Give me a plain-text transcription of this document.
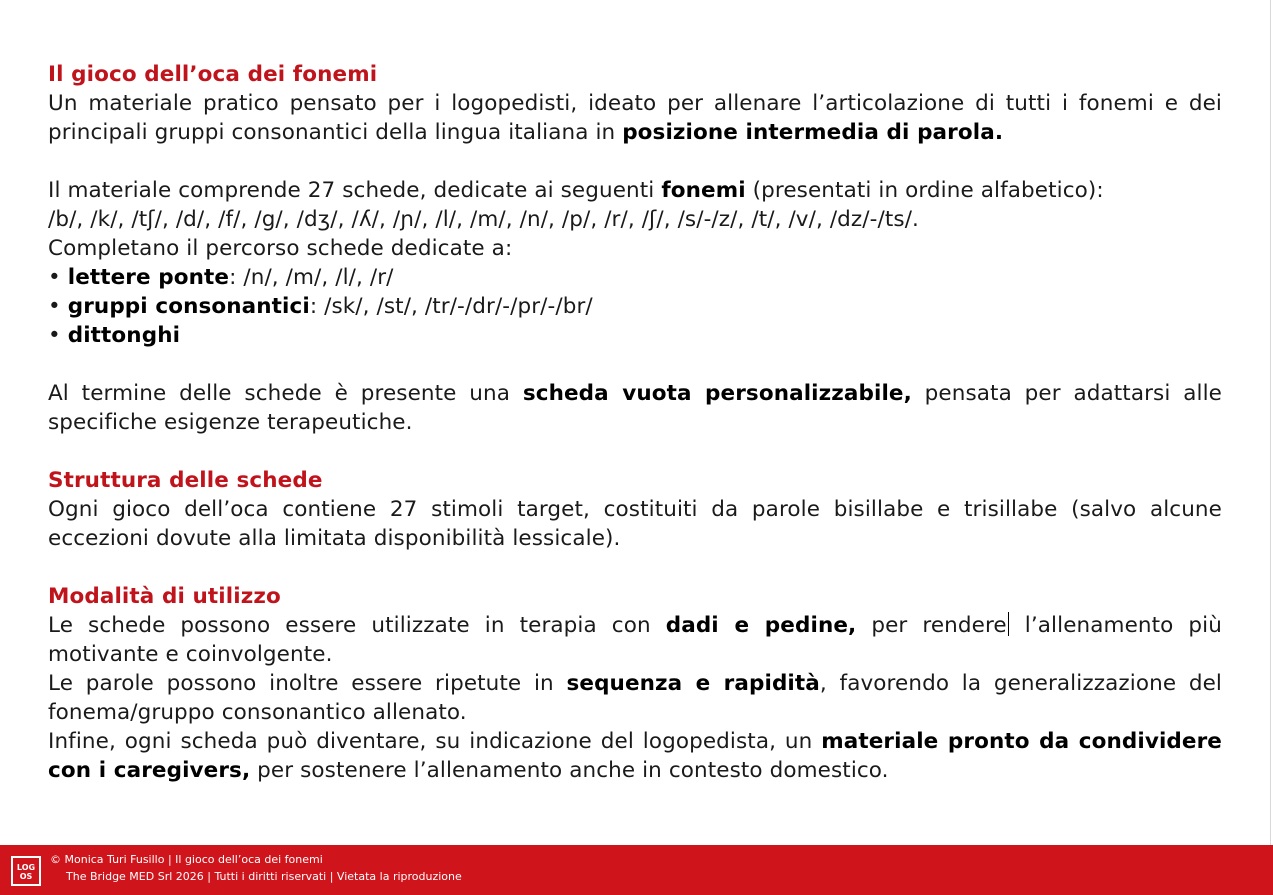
Il gioco dell’oca dei fonemi

Un materiale pratico pensato per i logopedisti, ideato per allenare l’articolazione di tutti i fonemi e dei principali gruppi consonantici della lingua italiana in posizione intermedia di parola.

Il materiale comprende 27 schede, dedicate ai seguenti fonemi (presentati in ordine alfabetico):

/b/, /k/, /tʃ/, /d/, /f/, /g/, /dʒ/, /ʎ/, /ɲ/, /l/, /m/, /n/, /p/, /r/, /ʃ/, /s/-/z/, /t/, /v/, /dz/-/ts/.

Completano il percorso schede dedicate a:

• lettere ponte: /n/, /m/, /l/, /r/

• gruppi consonantici: /sk/, /st/, /tr/-/dr/-/pr/-/br/

• dittonghi

Al termine delle schede è presente una scheda vuota personalizzabile, pensata per adattarsi alle specifiche esigenze terapeutiche.

Struttura delle schede

Ogni gioco dell’oca contiene 27 stimoli target, costituiti da parole bisillabe e trisillabe (salvo alcune eccezioni dovute alla limitata disponibilità lessicale).

Modalità di utilizzo

Le schede possono essere utilizzate in terapia con dadi e pedine, per rendere l’allenamento più motivante e coinvolgente.

Le parole possono inoltre essere ripetute in sequenza e rapidità, favorendo la generalizzazione del fonema/gruppo consonantico allenato.

Infine, ogni scheda può diventare, su indicazione del logopedista, un materiale pronto da condividere con i caregivers, per sostenere l’allenamento anche in contesto domestico.

LOG
OS
© Monica Turi Fusillo | Il gioco dell’oca dei fonemi
The Bridge MED Srl 2026 | Tutti i diritti riservati | Vietata la riproduzione
